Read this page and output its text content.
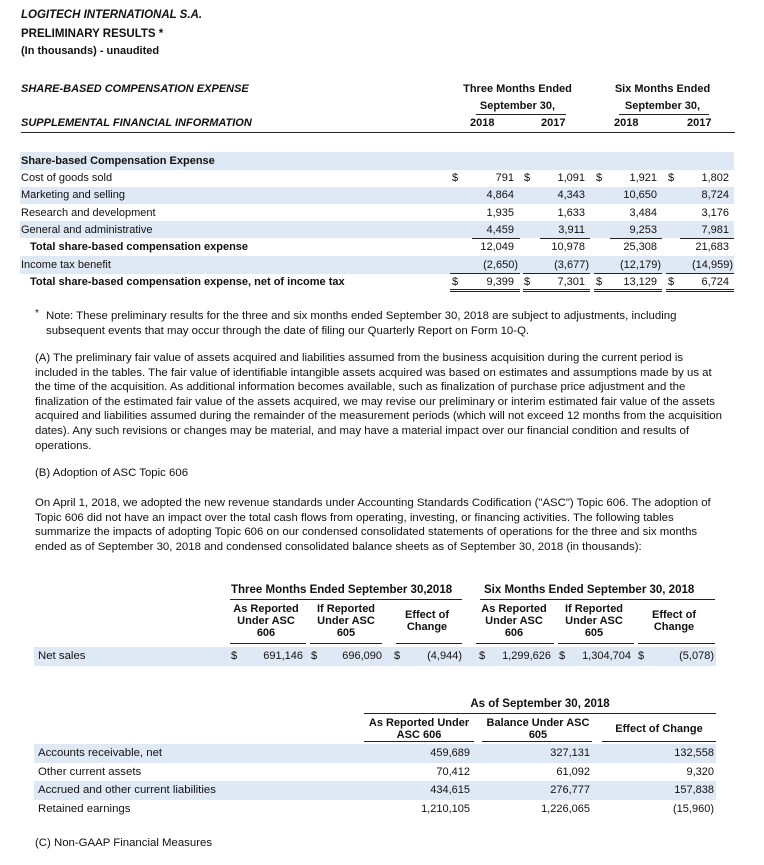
LOGITECH INTERNATIONAL S.A.
PRELIMINARY RESULTS *
(In thousands) - unaudited
SHARE-BASED COMPENSATION EXPENSE
SUPPLEMENTAL FINANCIAL INFORMATION
Three Months Ended
September 30,
Six Months Ended
September 30,
2018	2017	2018	2017
Share-based Compensation Expense
Cost of goods sold	$	791 $	1,091 $	1,921 $	1,802
Marketing and selling	4,864	4,343	10,650	8,724
Research and development	1,935	1,633	3,484	3,176
General and administrative	4,459	3,911	9,253	7,981
Total share-based compensation expense	12,049	10,978	25,308	21,683
Income tax benefit	(2,650)	(3,677)	(12,179)	(14,959)
Total share-based compensation expense, net of income tax	$	9,399 $	7,301 $	13,129 $	6,724
* Note: These preliminary results for the three and six months ended September 30, 2018 are subject to adjustments, including subsequent events that may occur through the date of filing our Quarterly Report on Form 10-Q.
(A) The preliminary fair value of assets acquired and liabilities assumed from the business acquisition during the current period is included in the tables. The fair value of identifiable intangible assets acquired was based on estimates and assumptions made by us at the time of the acquisition. As additional information becomes available, such as finalization of purchase price adjustment and the finalization of the estimated fair value of the assets acquired, we may revise our preliminary or interim estimated fair value of the assets acquired and liabilities assumed during the remainder of the measurement periods (which will not exceed 12 months from the acquisition dates). Any such revisions or changes may be material, and may have a material impact over our financial condition and results of operations.
(B) Adoption of ASC Topic 606
On April 1, 2018, we adopted the new revenue standards under Accounting Standards Codification ("ASC") Topic 606. The adoption of Topic 606 did not have an impact over the total cash flows from operating, investing, or financing activities. The following tables summarize the impacts of adopting Topic 606 on our condensed consolidated statements of operations for the three and six months ended as of September 30, 2018 and condensed consolidated balance sheets as of September 30, 2018 (in thousands):
Three Months Ended September 30,2018	Six Months Ended September 30, 2018
As Reported Under ASC 606
If Reported Under ASC 605
Effect of Change
As Reported Under ASC 606
If Reported Under ASC 605
Effect of Change
Net sales	$	691,146 $	696,090 $	(4,944) $	1,299,626 $	1,304,704 $	(5,078)
As of September 30, 2018
As Reported Under ASC 606
Balance Under ASC 605	Effect of Change
Accounts receivable, net	459,689	327,131	132,558
Other current assets	70,412	61,092	9,320
Accrued and other current liabilities	434,615	276,777	157,838
Retained earnings	1,210,105	1,226,065	(15,960)
(C) Non-GAAP Financial Measures
